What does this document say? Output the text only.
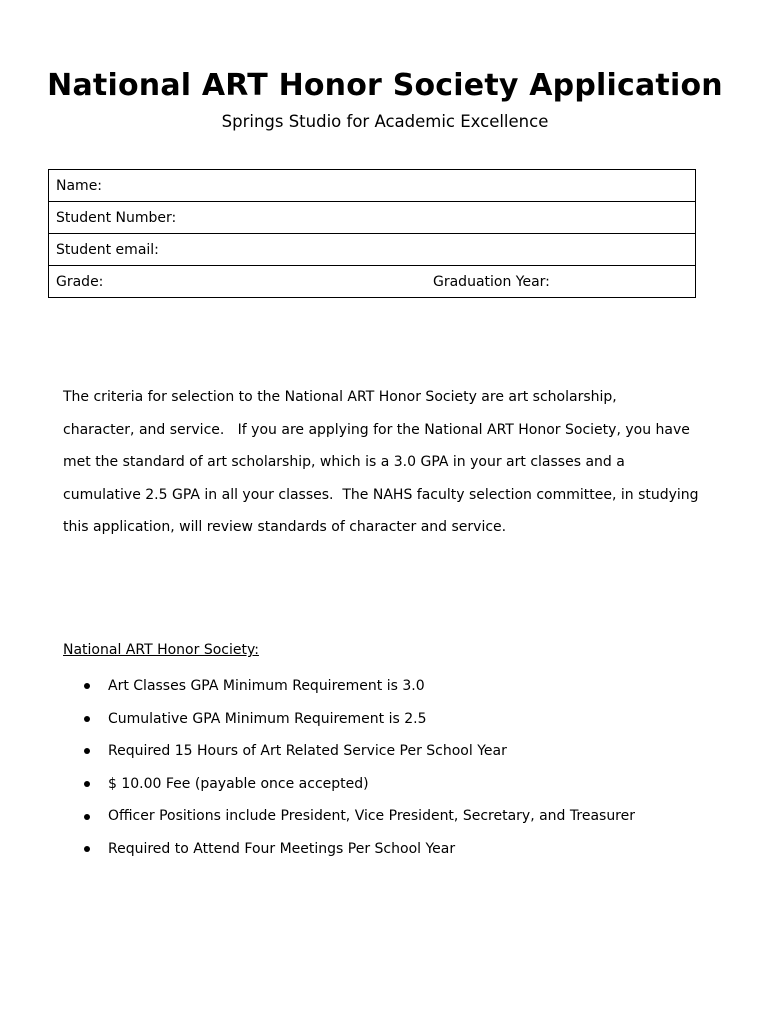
National ART Honor Society Application
Springs Studio for Academic Excellence
Name:
Student Number:
Student email:

Grade:	Graduation Year:
The criteria for selection to the National ART Honor Society are art scholarship,
character, and service.   If you are applying for the National ART Honor Society, you have
met the standard of art scholarship, which is a 3.0 GPA in your art classes and a
cumulative 2.5 GPA in all your classes.  The NAHS faculty selection committee, in studying
this application, will review standards of character and service.
National ART Honor Society:
Art Classes GPA Minimum Requirement is 3.0
Cumulative GPA Minimum Requirement is 2.5
Required 15 Hours of Art Related Service Per School Year
$ 10.00 Fee (payable once accepted)
Officer Positions include President, Vice President, Secretary, and Treasurer
Required to Attend Four Meetings Per School Year
